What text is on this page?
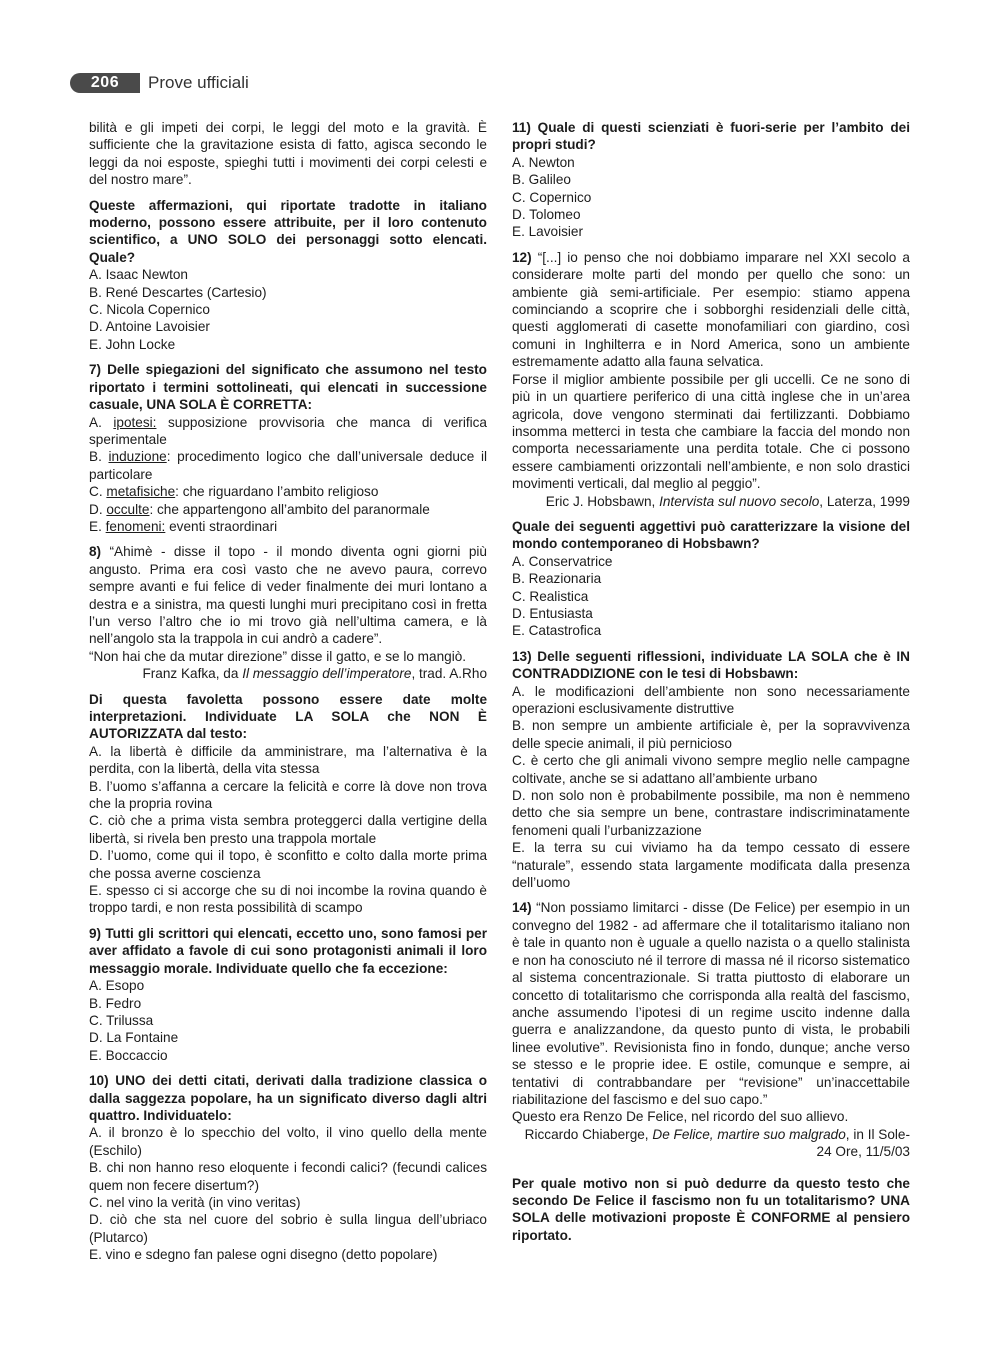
206	Prove ufficiali

bilità e gli impeti dei corpi, le leggi del moto e la gravità. È sufficiente che la gravitazione esista di fatto, agisca secondo le leggi da noi esposte, spieghi tutti i movimenti dei corpi celesti e del nostro mare”.

Queste affermazioni, qui riportate tradotte in italiano moderno, possono essere attribuite, per il loro contenuto scientifico, a UNO SOLO dei personaggi sotto elencati. Quale?

A. Isaac Newton
B. René Descartes (Cartesio)
C. Nicola Copernico
D. Antoine Lavoisier
E. John Locke

7) Delle spiegazioni del significato che assumono nel testo riportato i termini sottolineati, qui elencati in successione casuale, UNA SOLA È CORRETTA:

A. ipotesi: supposizione provvisoria che manca di verifica sperimentale

B. induzione: procedimento logico che dall’universale deduce il particolare

C. metafisiche: che riguardano l’ambito religioso

D. occulte: che appartengono all’ambito del paranormale

E. fenomeni: eventi straordinari

8) “Ahimè - disse il topo - il mondo diventa ogni giorni più angusto. Prima era così vasto che ne avevo paura, correvo sempre avanti e fui felice di veder finalmente dei muri lontano a destra e a sinistra, ma questi lunghi muri precipitano così in fretta l’un verso l’altro che io mi trovo già nell’ultima camera, e là nell’angolo sta la trappola in cui andrò a cadere”.

“Non hai che da mutar direzione” disse il gatto, e se lo mangiò.

Franz Kafka, da Il messaggio dell’imperatore, trad. A.Rho

Di questa favoletta possono essere date molte interpretazioni. Individuate LA SOLA che NON È AUTORIZZATA dal testo:

A. la libertà è difficile da amministrare, ma l’alternativa è la perdita, con la libertà, della vita stessa

B. l’uomo s’affanna a cercare la felicità e corre là dove non trova che la propria rovina

C. ciò che a prima vista sembra proteggerci dalla vertigine della libertà, si rivela ben presto una trappola mortale

D. l’uomo, come qui il topo, è sconfitto e colto dalla morte prima che possa averne coscienza

E. spesso ci si accorge che su di noi incombe la rovina quando è troppo tardi, e non resta possibilità di scampo

9) Tutti gli scrittori qui elencati, eccetto uno, sono famosi per aver affidato a favole di cui sono protagonisti animali il loro messaggio morale. Individuate quello che fa eccezione:

A. Esopo
B. Fedro
C. Trilussa
D. La Fontaine
E. Boccaccio

10) UNO dei detti citati, derivati dalla tradizione classica o dalla saggezza popolare, ha un significato diverso dagli altri quattro. Individuatelo:

A. il bronzo è lo specchio del volto, il vino quello della mente (Eschilo)

B. chi non hanno reso eloquente i fecondi calici? (fecundi calices quem non fecere disertum?)

C. nel vino la verità (in vino veritas)

D. ciò che sta nel cuore del sobrio è sulla lingua dell’ubriaco (Plutarco)

E. vino e sdegno fan palese ogni disegno (detto popolare)

11) Quale di questi scienziati è fuori-serie per l’ambito dei propri studi?

A. Newton
B. Galileo
C. Copernico
D. Tolomeo
E. Lavoisier

12) “[...] io penso che noi dobbiamo imparare nel XXI secolo a considerare molte parti del mondo per quello che sono: un ambiente già semi-artificiale. Per esempio: stiamo appena cominciando a scoprire che i sobborghi residenziali delle città, questi agglomerati di casette monofamiliari con giardino, così comuni in Inghilterra e in Nord America, sono un ambiente estremamente adatto alla fauna selvatica.

Forse il miglior ambiente possibile per gli uccelli. Ce ne sono di più in un quartiere periferico di una città inglese che in un’area agricola, dove vengono sterminati dai fertilizzanti. Dobbiamo insomma metterci in testa che cambiare la faccia del mondo non comporta necessariamente una perdita totale. Che ci possono essere cambiamenti orizzontali nell’ambiente, e non solo drastici movimenti verticali, dal meglio al peggio”.

Eric J. Hobsbawn, Intervista sul nuovo secolo, Laterza, 1999

Quale dei seguenti aggettivi può caratterizzare la visione del mondo contemporaneo di Hobsbawn?

A. Conservatrice
B. Reazionaria
C. Realistica
D. Entusiasta
E. Catastrofica

13) Delle seguenti riflessioni, individuate LA SOLA che è IN CONTRADDIZIONE con le tesi di Hobsbawn:

A. le modificazioni dell’ambiente non sono necessariamente operazioni esclusivamente distruttive

B. non sempre un ambiente artificiale è, per la sopravvivenza delle specie animali, il più pernicioso

C. è certo che gli animali vivono sempre meglio nelle campagne coltivate, anche se si adattano all’ambiente urbano

D. non solo non è probabilmente possibile, ma non è nemmeno detto che sia sempre un bene, contrastare indiscriminatamente fenomeni quali l’urbanizzazione

E. la terra su cui viviamo ha da tempo cessato di essere “naturale”, essendo stata largamente modificata dalla presenza dell’uomo

14) “Non possiamo limitarci - disse (De Felice) per esempio in un convegno del 1982 - ad affermare che il totalitarismo italiano non è tale in quanto non è uguale a quello nazista o a quello stalinista e non ha conosciuto né il terrore di massa né il ricorso sistematico al sistema concentrazionale. Si tratta piuttosto di elaborare un concetto di totalitarismo che corrisponda alla realtà del fascismo, anche assumendo l’ipotesi di un regime uscito indenne dalla guerra e analizzandone, da questo punto di vista, le probabili linee evolutive”. Revisionista fino in fondo, dunque; anche verso se stesso e le proprie idee. E ostile, comunque e sempre, ai tentativi di contrabbandare per “revisione” un’inaccettabile riabilitazione del fascismo e del suo capo.”

Questo era Renzo De Felice, nel ricordo del suo allievo.

Riccardo Chiaberge, De Felice, martire suo malgrado, in Il Sole-24 Ore, 11/5/03

Per quale motivo non si può dedurre da questo testo che secondo De Felice il fascismo non fu un totalitarismo? UNA SOLA delle motivazioni proposte È CONFORME al pensiero riportato.
